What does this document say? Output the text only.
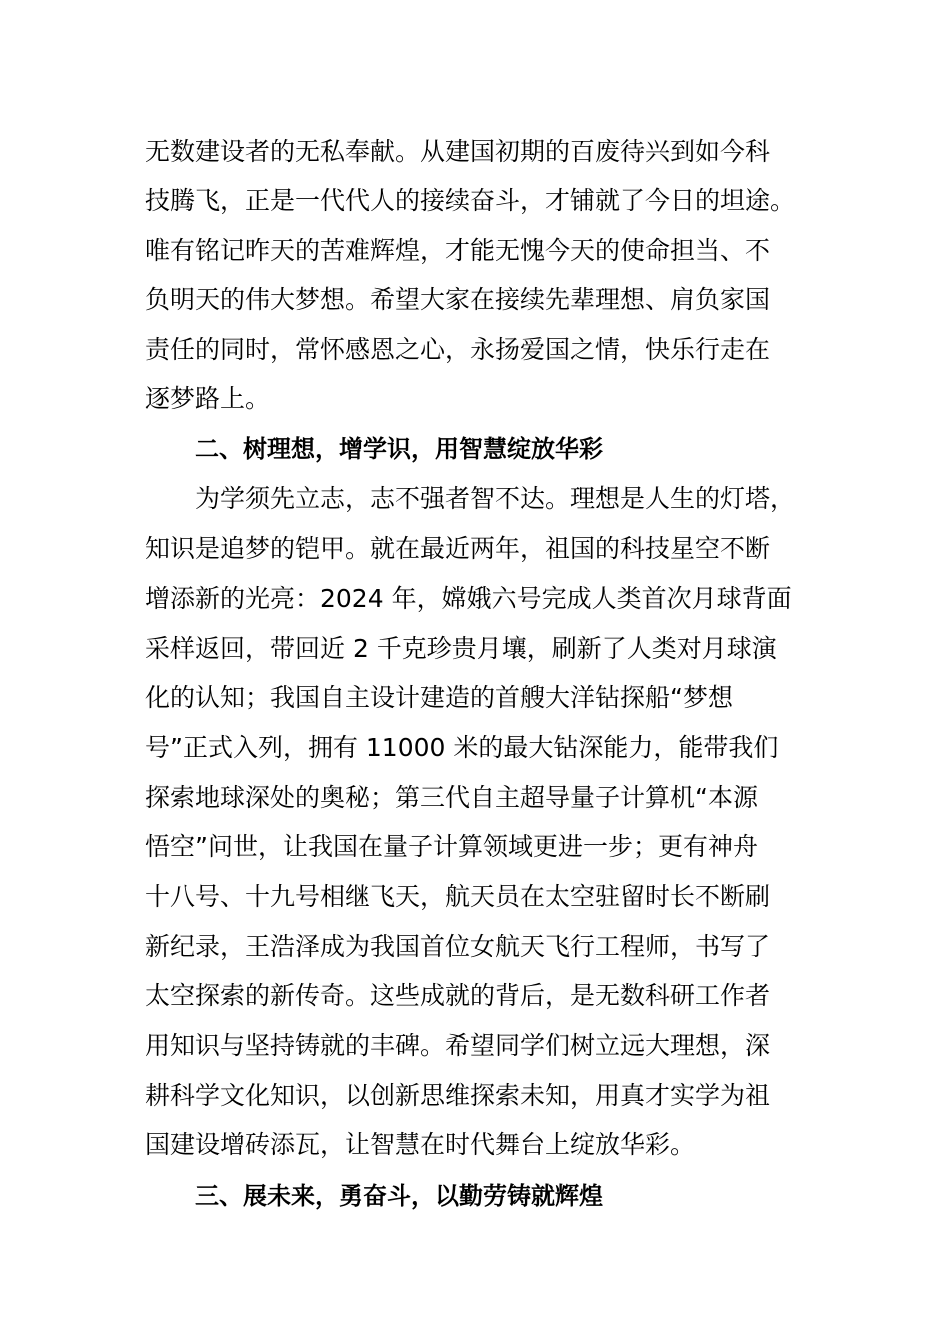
无数建设者的无私奉献。从建国初期的百废待兴到如今科

技腾飞，正是一代代人的接续奋斗，才铺就了今日的坦途。

唯有铭记昨天的苦难辉煌，才能无愧今天的使命担当、不

负明天的伟大梦想。希望大家在接续先辈理想、肩负家国

责任的同时，常怀感恩之心，永扬爱国之情，快乐行走在

逐梦路上。

二、树理想，增学识，用智慧绽放华彩

为学须先立志，志不强者智不达。理想是人生的灯塔，

知识是追梦的铠甲。就在最近两年，祖国的科技星空不断

增添新的光亮：2024 年，嫦娥六号完成人类首次月球背面

采样返回，带回近 2 千克珍贵月壤，刷新了人类对月球演

化的认知；我国自主设计建造的首艘大洋钻探船“梦想

号”正式入列，拥有 11000 米的最大钻深能力，能带我们

探索地球深处的奥秘；第三代自主超导量子计算机“本源

悟空”问世，让我国在量子计算领域更进一步；更有神舟

十八号、十九号相继飞天，航天员在太空驻留时长不断刷

新纪录，王浩泽成为我国首位女航天飞行工程师，书写了

太空探索的新传奇。这些成就的背后，是无数科研工作者

用知识与坚持铸就的丰碑。希望同学们树立远大理想，深

耕科学文化知识，以创新思维探索未知，用真才实学为祖

国建设增砖添瓦，让智慧在时代舞台上绽放华彩。

三、展未来，勇奋斗，以勤劳铸就辉煌
